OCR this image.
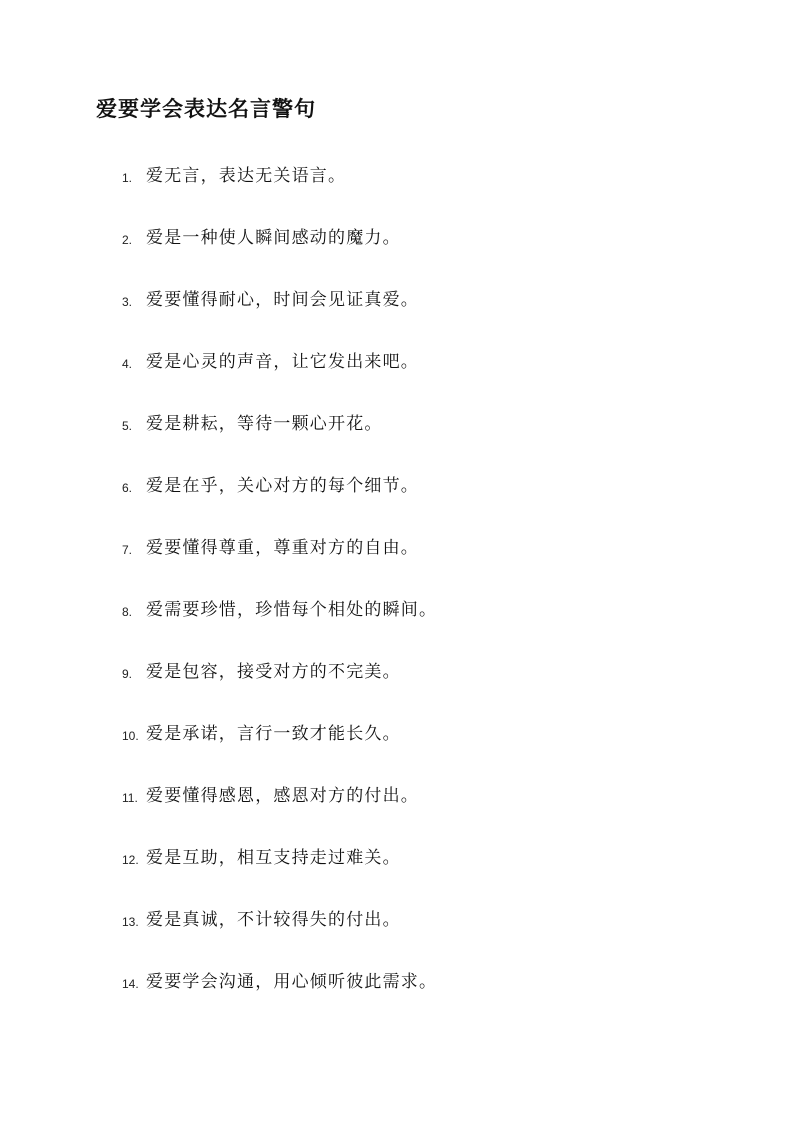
爱要学会表达名言警句
1. 爱无言，表达无关语言。
2. 爱是一种使人瞬间感动的魔力。
3. 爱要懂得耐心，时间会见证真爱。
4. 爱是心灵的声音，让它发出来吧。
5. 爱是耕耘，等待一颗心开花。
6. 爱是在乎，关心对方的每个细节。
7. 爱要懂得尊重，尊重对方的自由。
8. 爱需要珍惜，珍惜每个相处的瞬间。
9. 爱是包容，接受对方的不完美。
10. 爱是承诺，言行一致才能长久。
11. 爱要懂得感恩，感恩对方的付出。
12. 爱是互助，相互支持走过难关。
13. 爱是真诚，不计较得失的付出。
14. 爱要学会沟通，用心倾听彼此需求。
